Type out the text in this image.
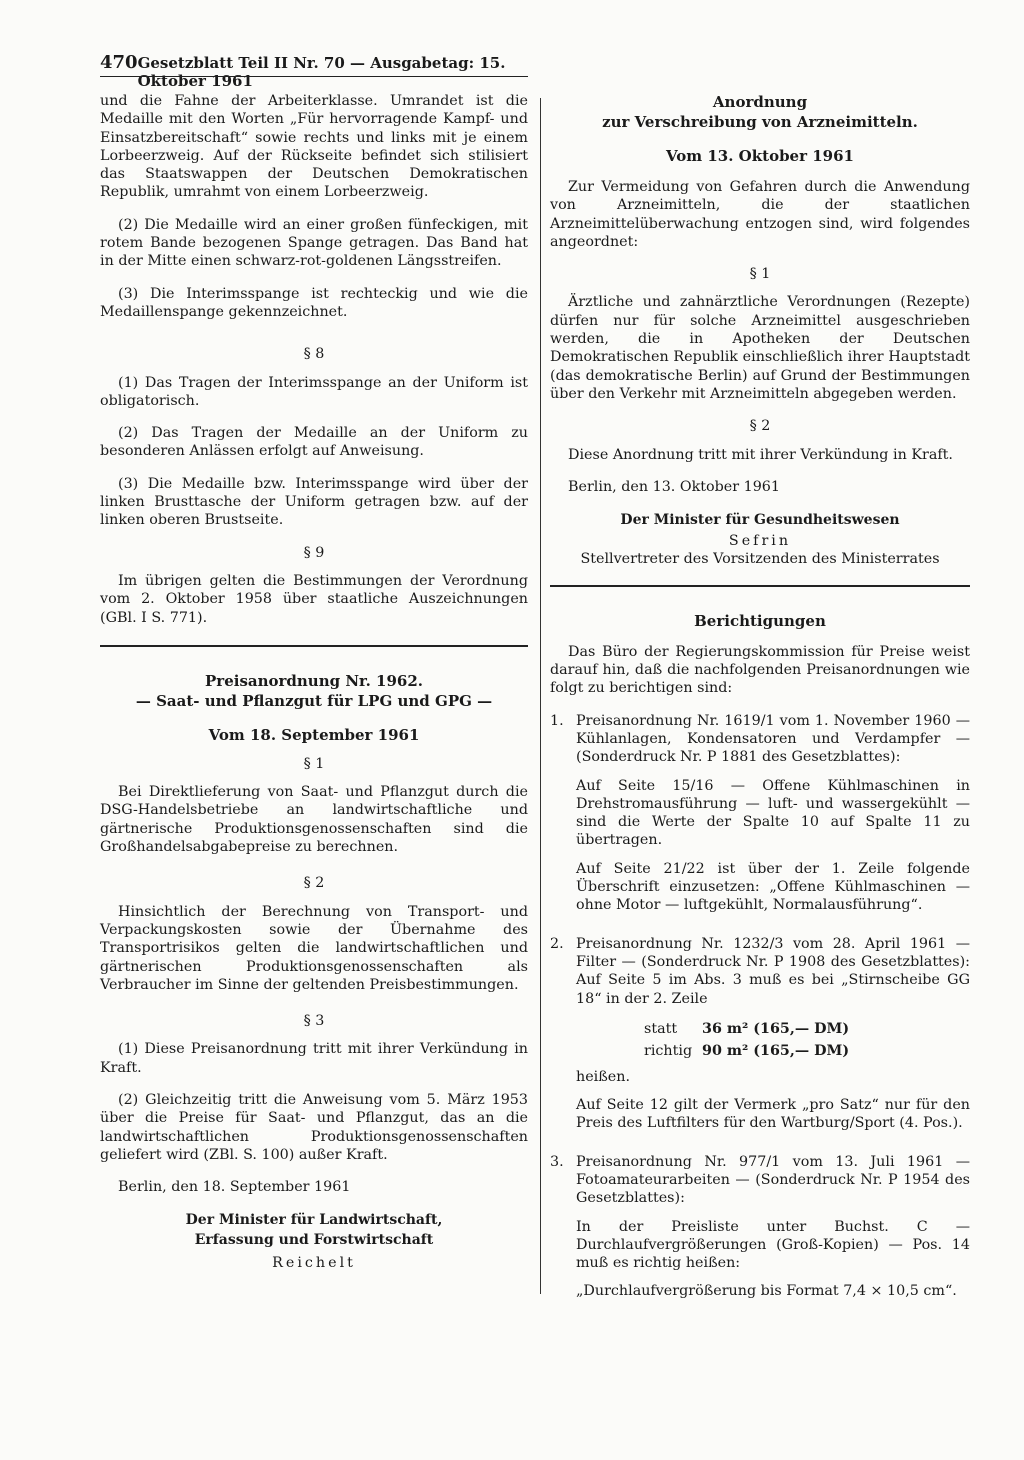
470 Gesetzblatt Teil II Nr. 70 — Ausgabetag: 15. Oktober 1961

und die Fahne der Arbeiterklasse. Umrandet ist die Medaille mit den Worten „Für hervorragende Kampf- und Einsatzbereitschaft“ sowie rechts und links mit je einem Lorbeerzweig. Auf der Rückseite befindet sich stilisiert das Staatswappen der Deutschen Demokratischen Republik, umrahmt von einem Lorbeerzweig.

(2) Die Medaille wird an einer großen fünfeckigen, mit rotem Bande bezogenen Spange getragen. Das Band hat in der Mitte einen schwarz-rot-goldenen Längsstreifen.

(3) Die Interimsspange ist rechteckig und wie die Medaillenspange gekennzeichnet.

§ 8

(1) Das Tragen der Interimsspange an der Uniform ist obligatorisch.

(2) Das Tragen der Medaille an der Uniform zu besonderen Anlässen erfolgt auf Anweisung.

(3) Die Medaille bzw. Interimsspange wird über der linken Brusttasche der Uniform getragen bzw. auf der linken oberen Brustseite.

§ 9

Im übrigen gelten die Bestimmungen der Verordnung vom 2. Oktober 1958 über staatliche Auszeichnungen (GBl. I S. 771).

Preisanordnung Nr. 1962.
— Saat- und Pflanzgut für LPG und GPG —
Vom 18. September 1961
§ 1

Bei Direktlieferung von Saat- und Pflanzgut durch die DSG-Handelsbetriebe an landwirtschaftliche und gärtnerische Produktionsgenossenschaften sind die Großhandelsabgabepreise zu berechnen.

§ 2

Hinsichtlich der Berechnung von Transport- und Verpackungskosten sowie der Übernahme des Transportrisikos gelten die landwirtschaftlichen und gärtnerischen Produktionsgenossenschaften als Verbraucher im Sinne der geltenden Preisbestimmungen.

§ 3

(1) Diese Preisanordnung tritt mit ihrer Verkündung in Kraft.

(2) Gleichzeitig tritt die Anweisung vom 5. März 1953 über die Preise für Saat- und Pflanzgut, das an die landwirtschaftlichen Produktionsgenossenschaften geliefert wird (ZBl. S. 100) außer Kraft.

Berlin, den 18. September 1961

Der Minister für Landwirtschaft,
Erfassung und Forstwirtschaft
Reichelt
Anordnung
zur Verschreibung von Arzneimitteln.
Vom 13. Oktober 1961

Zur Vermeidung von Gefahren durch die Anwendung von Arzneimitteln, die der staatlichen Arzneimittelüberwachung entzogen sind, wird folgendes angeordnet:

§ 1

Ärztliche und zahnärztliche Verordnungen (Rezepte) dürfen nur für solche Arzneimittel ausgeschrieben werden, die in Apotheken der Deutschen Demokratischen Republik einschließlich ihrer Hauptstadt (das demokratische Berlin) auf Grund der Bestimmungen über den Verkehr mit Arzneimitteln abgegeben werden.

§ 2

Diese Anordnung tritt mit ihrer Verkündung in Kraft.

Berlin, den 13. Oktober 1961

Der Minister für Gesundheitswesen
Sefrin
Stellvertreter des Vorsitzenden des Ministerrates
Berichtigungen

Das Büro der Regierungskommission für Preise weist darauf hin, daß die nachfolgenden Preisanordnungen wie folgt zu berichtigen sind:

1. Preisanordnung Nr. 1619/1 vom 1. November 1960 — Kühlanlagen, Kondensatoren und Verdampfer — (Sonderdruck Nr. P 1881 des Gesetzblattes):

Auf Seite 15/16 — Offene Kühlmaschinen in Drehstromausführung — luft- und wassergekühlt — sind die Werte der Spalte 10 auf Spalte 11 zu übertragen.

Auf Seite 21/22 ist über der 1. Zeile folgende Überschrift einzusetzen: „Offene Kühlmaschinen — ohne Motor — luftgekühlt, Normalausführung“.

2. Preisanordnung Nr. 1232/3 vom 28. April 1961 — Filter — (Sonderdruck Nr. P 1908 des Gesetzblattes): Auf Seite 5 im Abs. 3 muß es bei „Stirnscheibe GG 18“ in der 2. Zeile

statt 36 m² (165,— DM)
richtig 90 m² (165,— DM)

heißen.

Auf Seite 12 gilt der Vermerk „pro Satz“ nur für den Preis des Luftfilters für den Wartburg/Sport (4. Pos.).

3. Preisanordnung Nr. 977/1 vom 13. Juli 1961 — Fotoamateurarbeiten — (Sonderdruck Nr. P 1954 des Gesetzblattes):

In der Preisliste unter Buchst. C — Durchlaufvergrößerungen (Groß-Kopien) — Pos. 14 muß es richtig heißen:

„Durchlaufvergrößerung bis Format 7,4 × 10,5 cm“.
